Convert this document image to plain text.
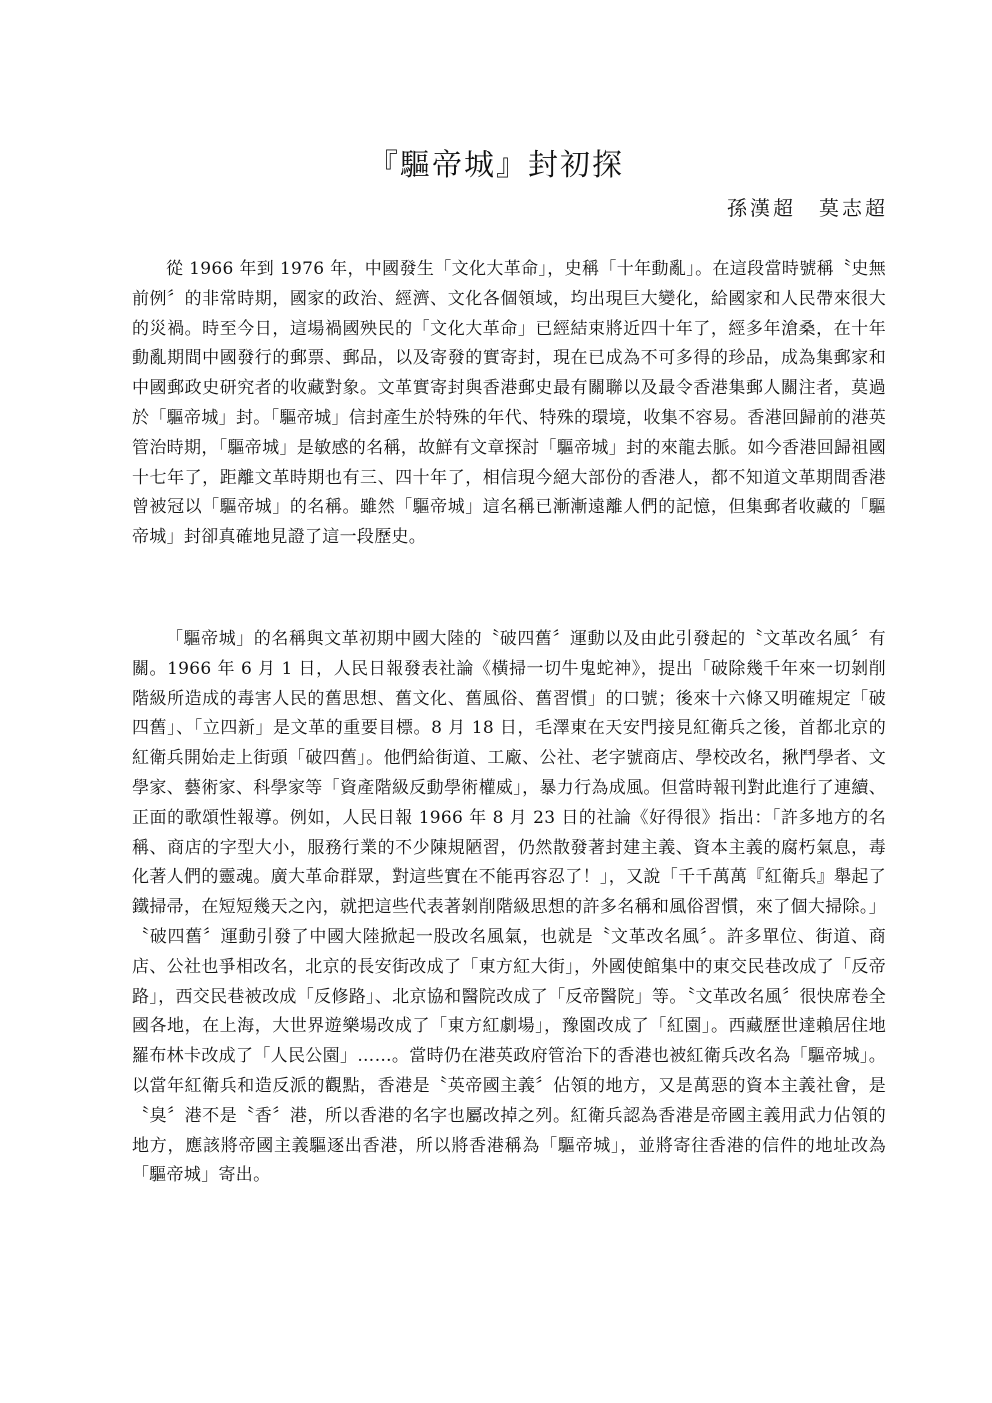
『驅帝城』封初探
孫漢超　莫志超

從 1966 年到 1976 年，中國發生「文化大革命」，史稱「十年動亂」。在這段當時號稱〝史無前例〞的非常時期，國家的政治、經濟、文化各個領域，均出現巨大變化，給國家和人民帶來很大的災禍。時至今日，這場禍國殃民的「文化大革命」已經結束將近四十年了，經多年滄桑，在十年動亂期間中國發行的郵票、郵品，以及寄發的實寄封，現在已成為不可多得的珍品，成為集郵家和中國郵政史研究者的收藏對象。文革實寄封與香港郵史最有關聯以及最令香港集郵人關注者，莫過於「驅帝城」封。「驅帝城」信封產生於特殊的年代、特殊的環境，收集不容易。香港回歸前的港英管治時期，「驅帝城」是敏感的名稱，故鮮有文章探討「驅帝城」封的來龍去脈。如今香港回歸祖國十七年了，距離文革時期也有三、四十年了，相信現今絕大部份的香港人，都不知道文革期間香港曾被冠以「驅帝城」的名稱。雖然「驅帝城」這名稱已漸漸遠離人們的記憶，但集郵者收藏的「驅帝城」封卻真確地見證了這一段歷史。

「驅帝城」的名稱與文革初期中國大陸的〝破四舊〞運動以及由此引發起的〝文革改名風〞有關。1966 年 6 月 1 日，人民日報發表社論《橫掃一切牛鬼蛇神》，提出「破除幾千年來一切剝削階級所造成的毒害人民的舊思想、舊文化、舊風俗、舊習慣」的口號；後來十六條又明確規定「破四舊」、「立四新」是文革的重要目標。8 月 18 日，毛澤東在天安門接見紅衛兵之後，首都北京的紅衛兵開始走上街頭「破四舊」。他們給街道、工廠、公社、老字號商店、學校改名，揪鬥學者、文學家、藝術家、科學家等「資產階級反動學術權威」，暴力行為成風。但當時報刊對此進行了連續、正面的歌頌性報導。例如，人民日報 1966 年 8 月 23 日的社論《好得很》指出：「許多地方的名稱、商店的字型大小，服務行業的不少陳規陋習，仍然散發著封建主義、資本主義的腐朽氣息，毒化著人們的靈魂。廣大革命群眾，對這些實在不能再容忍了！」，又說「千千萬萬『紅衛兵』舉起了鐵掃帚，在短短幾天之內，就把這些代表著剝削階級思想的許多名稱和風俗習慣，來了個大掃除。」〝破四舊〞運動引發了中國大陸掀起一股改名風氣，也就是〝文革改名風〞。許多單位、街道、商店、公社也爭相改名，北京的長安街改成了「東方紅大街」，外國使館集中的東交民巷改成了「反帝路」，西交民巷被改成「反修路」、北京協和醫院改成了「反帝醫院」等。〝文革改名風〞很快席卷全國各地，在上海，大世界遊樂場改成了「東方紅劇場」，豫園改成了「紅園」。西藏歷世達賴居住地羅布林卡改成了「人民公園」……。當時仍在港英政府管治下的香港也被紅衛兵改名為「驅帝城」。以當年紅衛兵和造反派的觀點，香港是〝英帝國主義〞佔領的地方，又是萬惡的資本主義社會，是〝臭〞港不是〝香〞港，所以香港的名字也屬改掉之列。紅衛兵認為香港是帝國主義用武力佔領的地方，應該將帝國主義驅逐出香港，所以將香港稱為「驅帝城」，並將寄往香港的信件的地址改為「驅帝城」寄出。
